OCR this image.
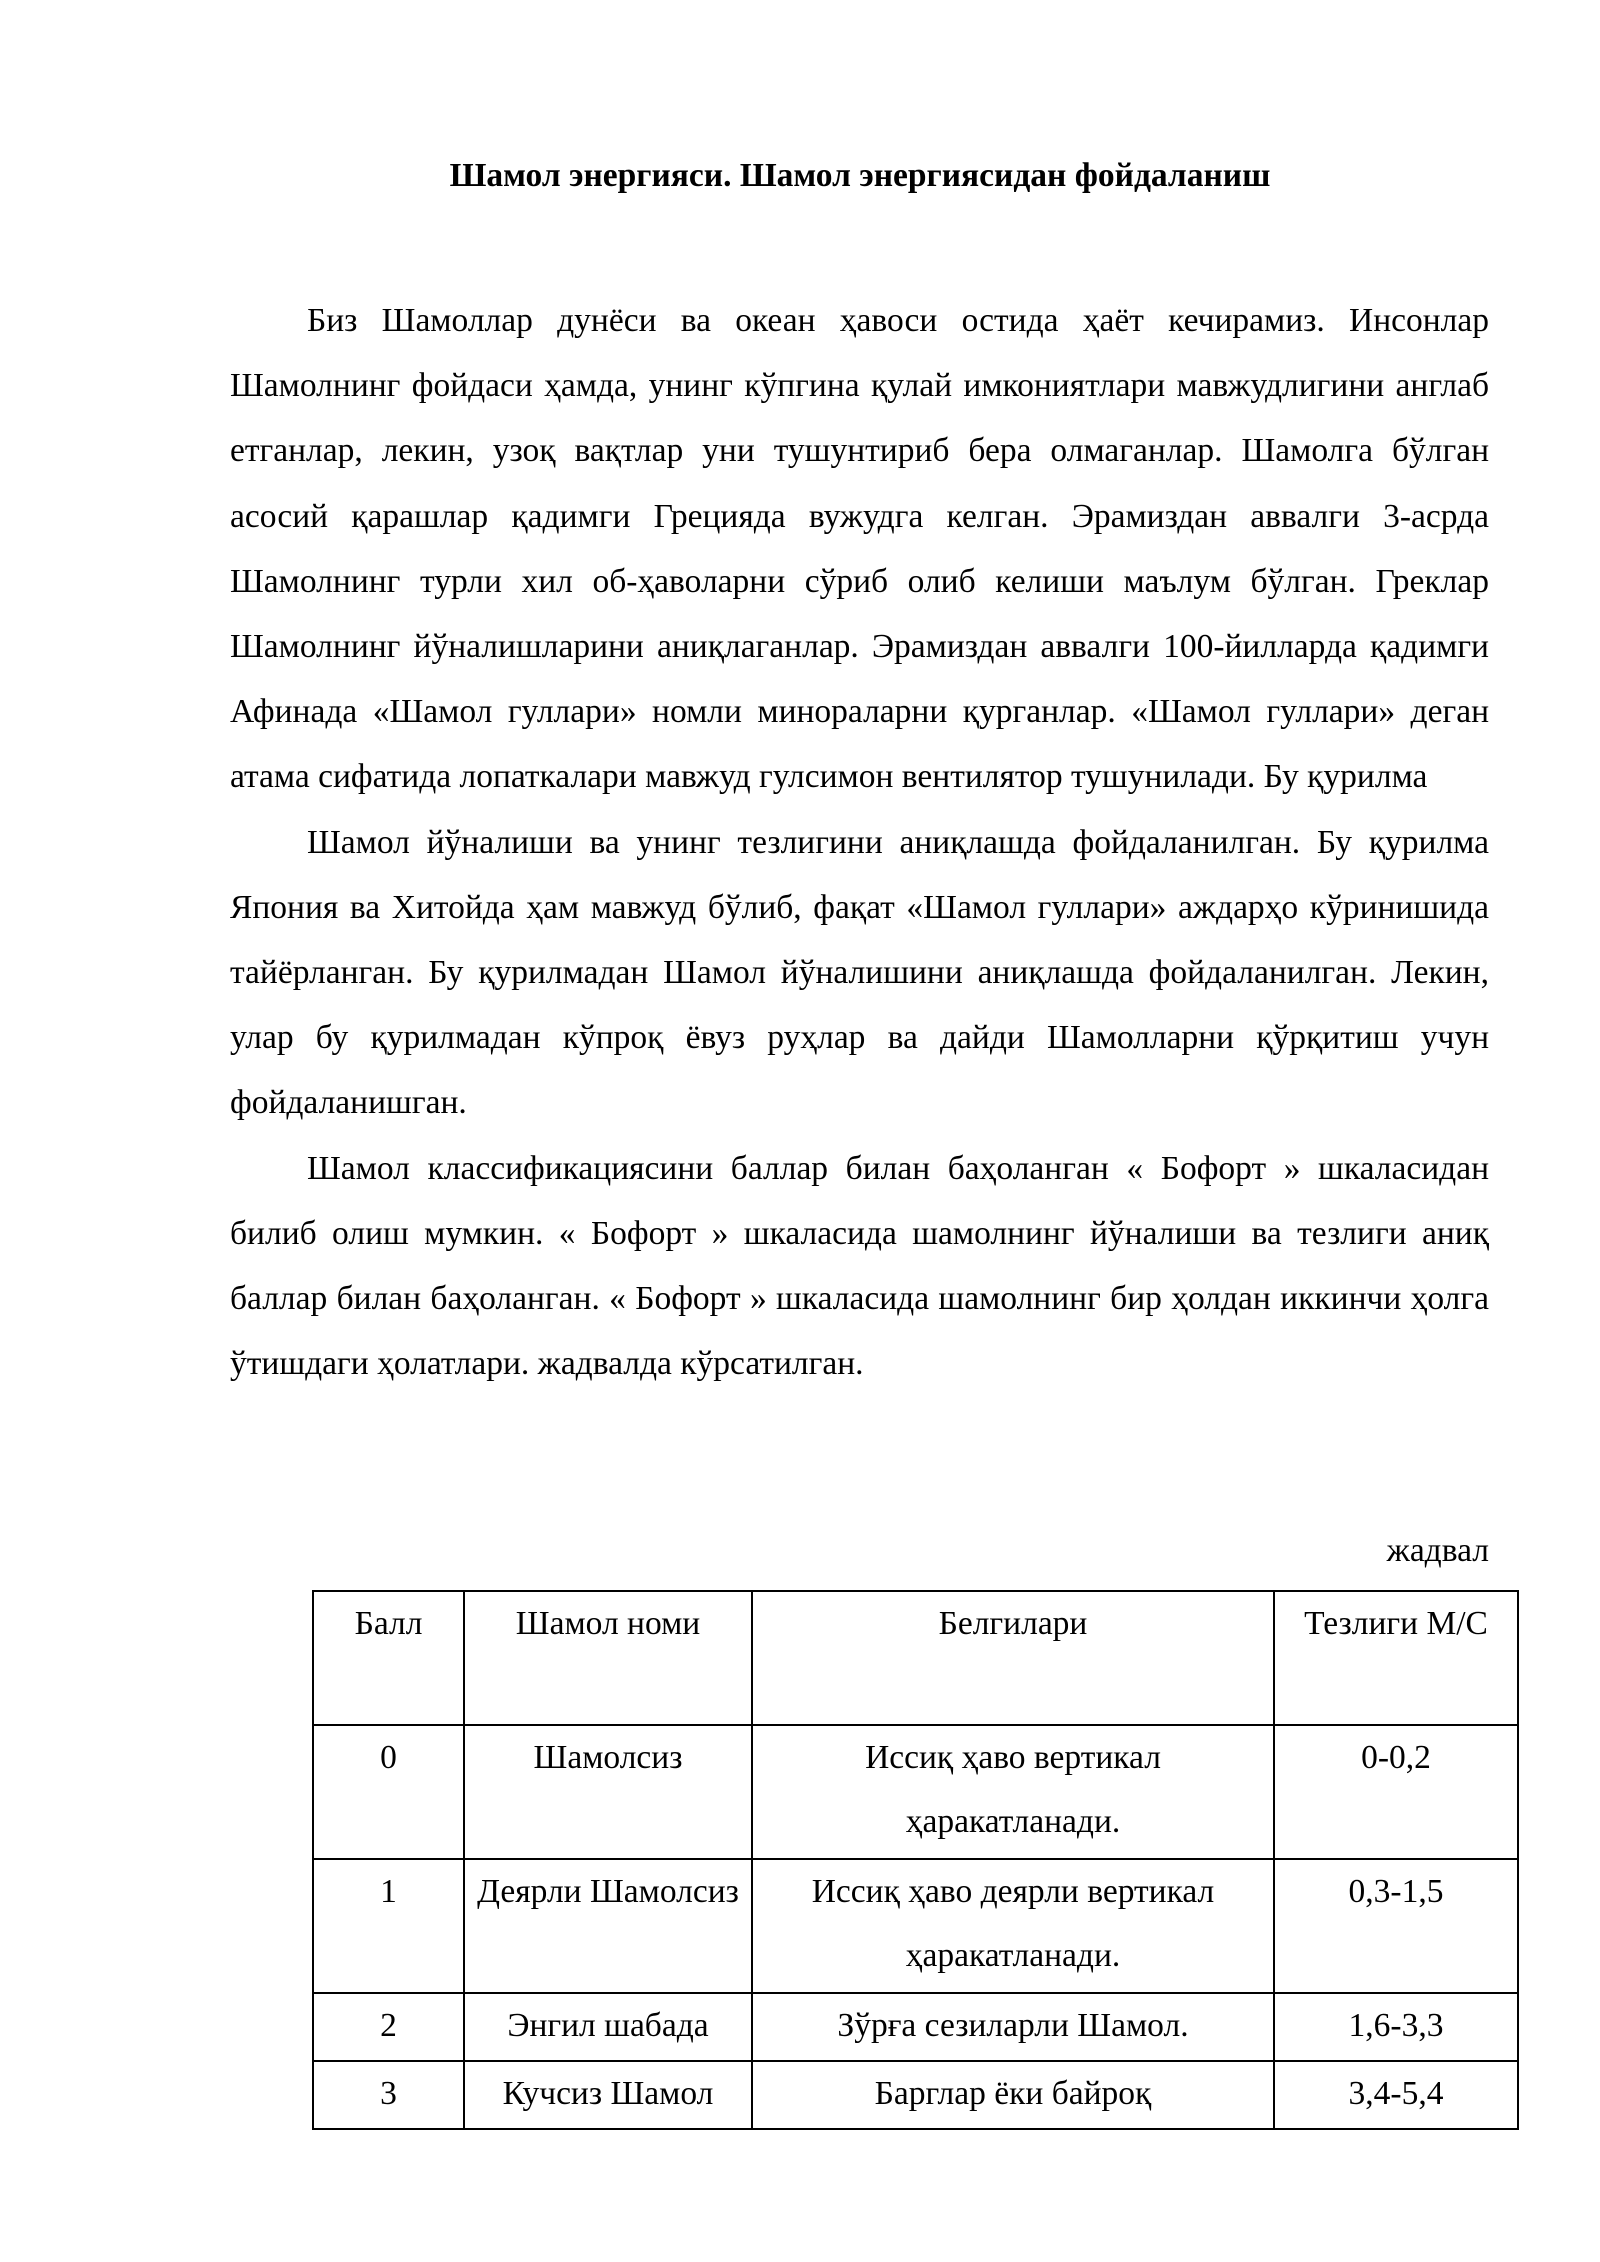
Шамол энергияси. Шамол энергиясидан фойдаланиш

Биз Шамоллар дунёси ва океан ҳавоси остида ҳаёт кечирамиз. Инсонлар Шамолнинг фойдаси ҳамда, унинг кўпгина қулай имкониятлари мавжудлигини англаб етганлар, лекин, узоқ вақтлар уни тушунтириб бера олмаганлар. Шамолга бўлган асосий қарашлар қадимги Грецияда вужудга келган. Эрамиздан аввалги 3-асрда Шамолнинг турли хил об-ҳаволарни сўриб олиб келиши маълум бўлган. Греклар Шамолнинг йўналишларини аниқлаганлар. Эрамиздан аввалги 100-йилларда қадимги Афинада «Шамол гуллари» номли минораларни қурганлар. «Шамол гуллари» деган атама сифатида лопаткалари мавжуд гулсимон вентилятор тушунилади. Бу қурилма

Шамол йўналиши ва унинг тезлигини аниқлашда фойдаланилган. Бу қурилма Япония ва Хитойда ҳам мавжуд бўлиб, фақат «Шамол гуллари» аждарҳо кўринишида тайёрланган. Бу қурилмадан Шамол йўналишини аниқлашда фойдаланилган. Лекин, улар бу қурилмадан кўпроқ ёвуз руҳлар ва дайди Шамолларни қўрқитиш учун фойдаланишган.

Шамол классификациясини баллар билан баҳоланган « Бофорт » шкаласидан билиб олиш мумкин. « Бофорт » шкаласида шамолнинг йўналиши ва тезлиги аниқ баллар билан баҳоланган. « Бофорт » шкаласида шамолнинг бир ҳолдан иккинчи ҳолга ўтишдаги ҳолатлари. жадвалда кўрсатилган.

жадвал

Балл	Шамол номи	Белгилари	Тезлиги М/С
0	Шамолсиз	Иссиқ ҳаво вертикал ҳаракатланади.	0-0,2
1	Деярли Шамолсиз	Иссиқ ҳаво деярли вертикал ҳаракатланади.	0,3-1,5
2	Энгил шабада	Зўрға сезиларли Шамол.	1,6-3,3
3	Кучсиз Шамол	Барглар ёки байроқ	3,4-5,4
